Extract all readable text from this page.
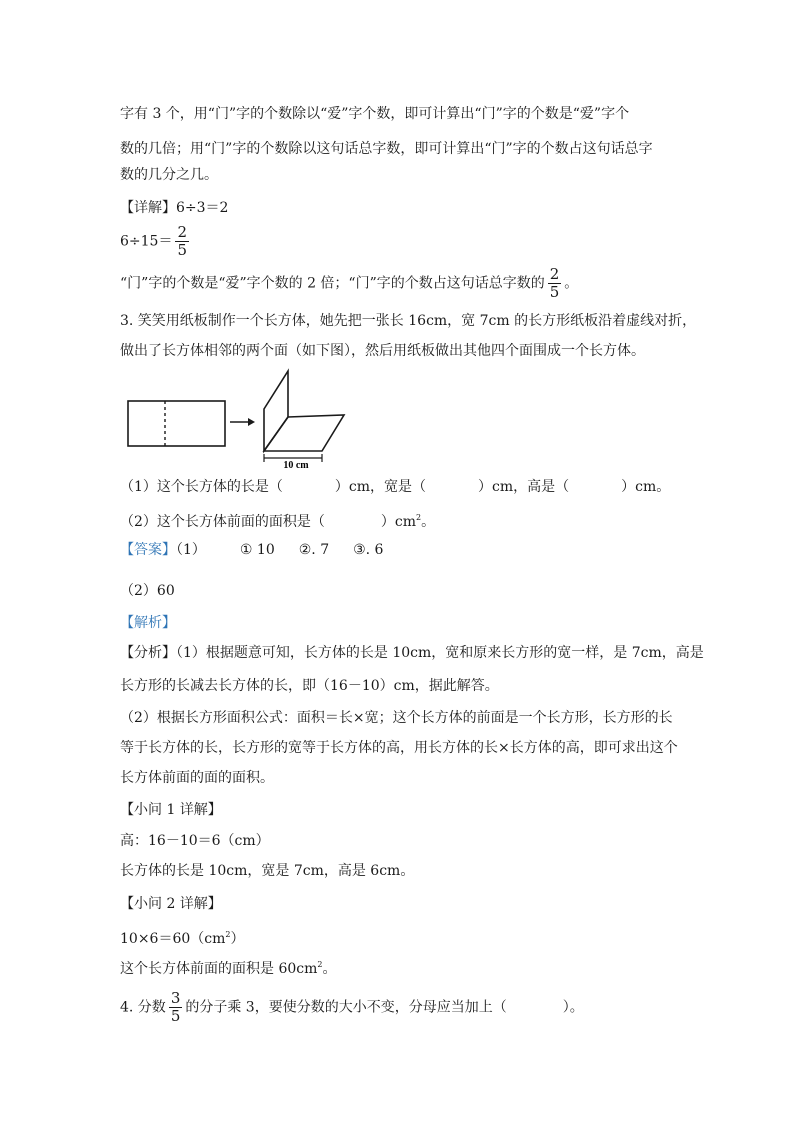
字有 3 个，用“门”字的个数除以“爱”字个数，即可计算出“门”字的个数是“爱”字个
数的几倍；用“门”字的个数除以这句话总字数，即可计算出“门”字的个数占这句话总字
数的几分之几。
【详解】6÷3＝2
$6\div 15= \frac{2}{5}$
“门”字的个数是“爱”字个数的 2 倍；“门”字的个数占这句话总字数的 $\frac{2}{5}$ 。
3. 笑笑用纸板制作一个长方体，她先把一张长 16cm，宽 7cm 的长方形纸板沿着虚线对折，
做出了长方体相邻的两个面（如下图），然后用纸板做出其他四个面围成一个长方体。
10 cm
（1）这个长方体的长是（	）cm，宽是（	）cm，高是（	）cm。
（2）这个长方体前面的面积是（	）$cm^2$。
【答案】（1） ① 10 ②. 7 ③. 6
（2）60
【解析】
【分析】（1）根据题意可知，长方体的长是 10cm，宽和原来长方形的宽一样，是 7cm，高是
长方形的长减去长方体的长，即（16－10）cm，据此解答。
（2）根据长方形面积公式：面积＝长×宽；这个长方体的前面是一个长方形，长方形的长
等于长方体的长，长方形的宽等于长方体的高，用长方体的长×长方体的高，即可求出这个
长方体前面的面的面积。
【小问 1 详解】
高：16－10＝6（cm）
长方体的长是 10cm，宽是 7cm，高是 6cm。
【小问 2 详解】
$10\times 6=60(cm^2)$
这个长方体前面的面积是 $60cm^2$。
4. 分数 $\frac{3}{5}$ 的分子乘 3，要使分数的大小不变，分母应当加上（	）。
